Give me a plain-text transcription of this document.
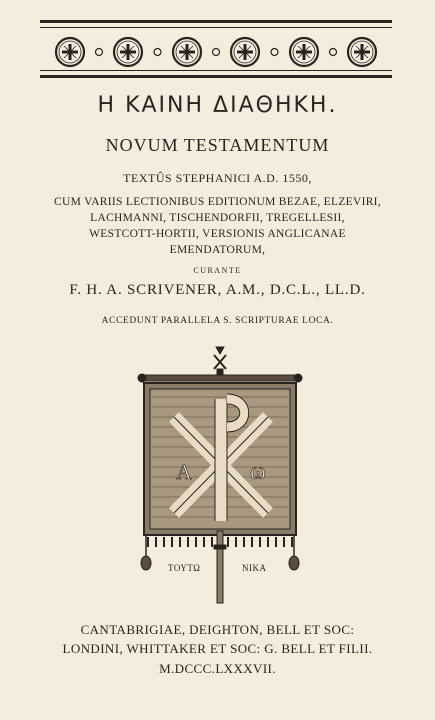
Η ΚΑΙΝΗ ΔΙΑΘΗΚΗ.
NOVUM TESTAMENTUM
TEXTÛS STEPHANICI A.D. 1550,
CUM VARIIS LECTIONIBUS EDITIONUM BEZAE, ELZEVIRI,
LACHMANNI, TISCHENDORFII, TREGELLESII,
WESTCOTT-HORTII, VERSIONIS ANGLICANAE
EMENDATORUM,
CURANTE
F. H. A. SCRIVENER, A.M., D.C.L., LL.D.
ACCEDUNT PARALLELA S. SCRIPTURAE LOCA.
A ω
ΤΟΥΤΩ	NIKA
CANTABRIGIAE, DEIGHTON, BELL ET SOC:
LONDINI, WHITTAKER ET SOC: G. BELL ET FILII.
M.DCCC.LXXXVII.
